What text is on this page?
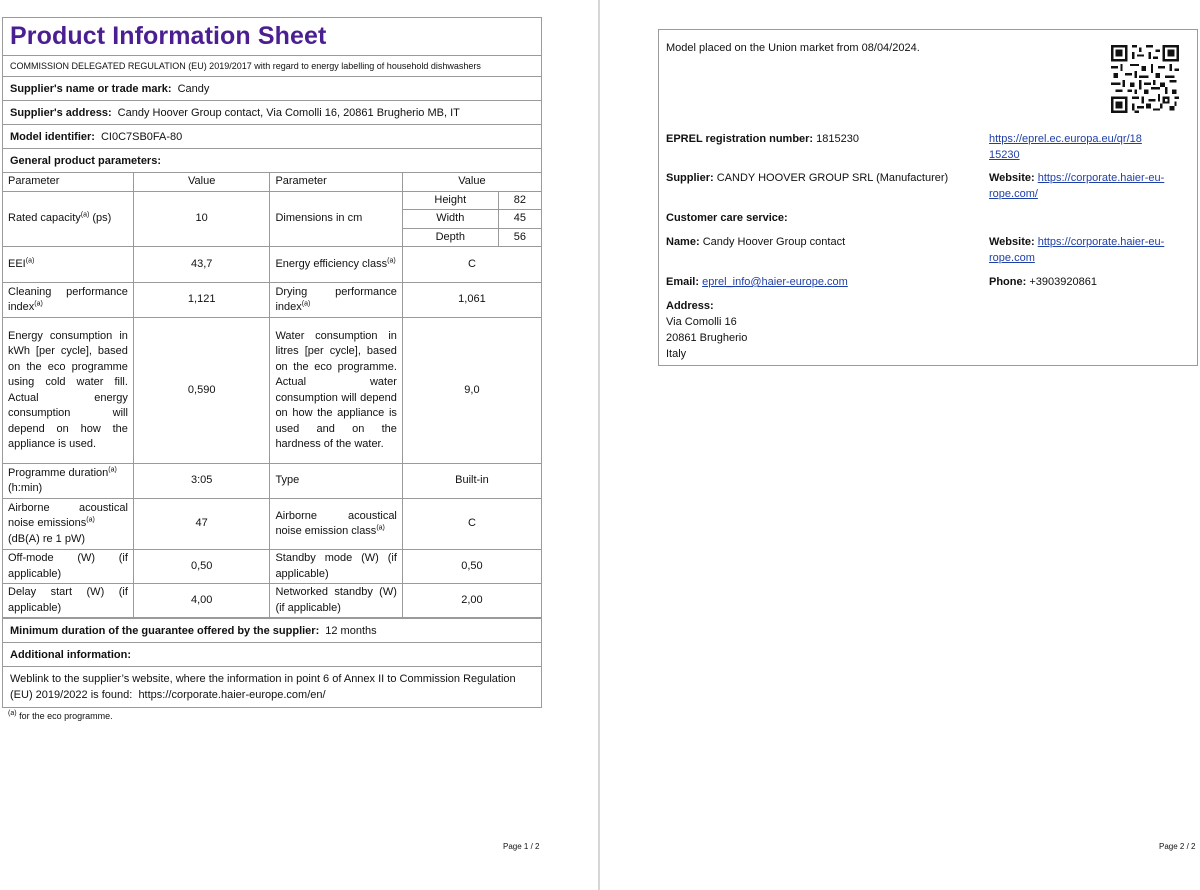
Product Information Sheet
COMMISSION DELEGATED REGULATION (EU) 2019/2017 with regard to energy labelling of household dishwashers
Supplier's name or trade mark: Candy
Supplier's address: Candy Hoover Group contact, Via Comolli 16, 20861 Brugherio MB, IT
Model identifier: CI0C7SB0FA-80
General product parameters:
Parameter	Value	Parameter	Value	
Rated capacity$^{(a)}$ (ps)	10	Dimensions in cm	Height	82
			Width	45
			Depth	56
EEI$^{(a)}$	43,7	Energy efficiency class$^{(a)}$	C	
Cleaning performance index$^{(a)}$	1,121	Drying performance index$^{(a)}$	1,061	
Energy consumption in kWh [per cycle], based on the eco programme using cold water fill. Actual energy consumption will depend on how the appliance is used.	0,590	Water consumption in litres [per cycle], based on the eco programme. Actual water consumption will depend on how the appliance is used and on the hardness of the water.	9,0	
Programme duration$^{(a)}$
(h:min)	3:05	Type	Built-in	
Airborne acoustical noise emissions$^{(a)}$
(dB(A) re 1 pW)	47	Airborne acoustical noise emission class$^{(a)}$	C	
Off-mode (W) (if applicable)	0,50	Standby mode (W) (if applicable)	0,50	
Delay start (W) (if applicable)	4,00	Networked standby (W) (if applicable)	2,00	
Minimum duration of the guarantee offered by the supplier: 12 months
Additional information:
Weblink to the supplier’s website, where the information in point 6 of Annex II to Commission Regulation (EU) 2019/2022 is found: https://corporate.haier-europe.com/en/
$^{(a)}$ for the eco programme.
Page 1 / 2
Model placed on the Union market from 08/04/2024.
EPREL registration number: 1815230	https://eprel.ec.europa.eu/qr/18
15230
Supplier: CANDY HOOVER GROUP SRL (Manufacturer)	Website: https://corporate.haier-eu-
rope.com/
Customer care service:
Name: Candy Hoover Group contact	Website: https://corporate.haier-eu-
rope.com
Email: eprel_info@haier-europe.com	Phone: +3903920861
Address:
Via Comolli 16
20861 Brugherio
Italy
Page 2 / 2
